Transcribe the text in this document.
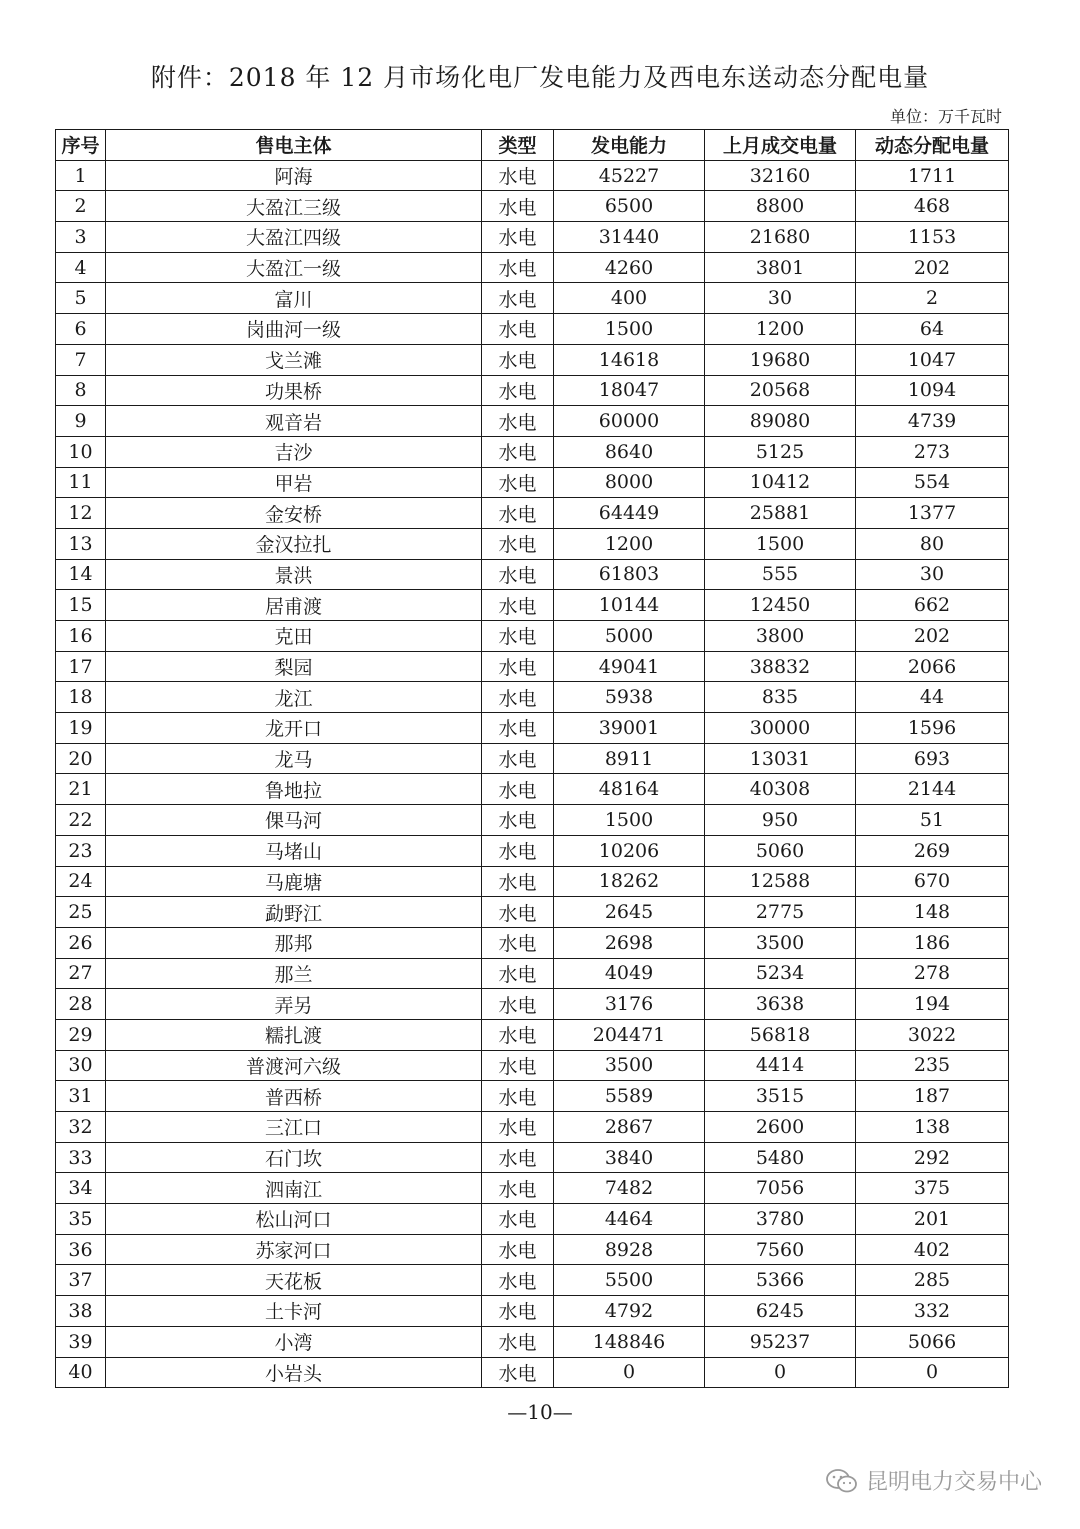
附件：2018 年 12 月市场化电厂发电能力及西电东送动态分配电量
单位：万千瓦时
序号	售电主体	类型	发电能力	上月成交电量	动态分配电量
1	阿海	水电	45227	32160	1711
2	大盈江三级	水电	6500	8800	468
3	大盈江四级	水电	31440	21680	1153
4	大盈江一级	水电	4260	3801	202
5	富川	水电	400	30	2
6	岗曲河一级	水电	1500	1200	64
7	戈兰滩	水电	14618	19680	1047
8	功果桥	水电	18047	20568	1094
9	观音岩	水电	60000	89080	4739
10	吉沙	水电	8640	5125	273
11	甲岩	水电	8000	10412	554
12	金安桥	水电	64449	25881	1377
13	金汉拉扎	水电	1200	1500	80
14	景洪	水电	61803	555	30
15	居甫渡	水电	10144	12450	662
16	克田	水电	5000	3800	202
17	梨园	水电	49041	38832	2066
18	龙江	水电	5938	835	44
19	龙开口	水电	39001	30000	1596
20	龙马	水电	8911	13031	693
21	鲁地拉	水电	48164	40308	2144
22	倮马河	水电	1500	950	51
23	马堵山	水电	10206	5060	269
24	马鹿塘	水电	18262	12588	670
25	勐野江	水电	2645	2775	148
26	那邦	水电	2698	3500	186
27	那兰	水电	4049	5234	278
28	弄另	水电	3176	3638	194
29	糯扎渡	水电	204471	56818	3022
30	普渡河六级	水电	3500	4414	235
31	普西桥	水电	5589	3515	187
32	三江口	水电	2867	2600	138
33	石门坎	水电	3840	5480	292
34	泗南江	水电	7482	7056	375
35	松山河口	水电	4464	3780	201
36	苏家河口	水电	8928	7560	402
37	天花板	水电	5500	5366	285
38	土卡河	水电	4792	6245	332
39	小湾	水电	148846	95237	5066
40	小岩头	水电	0	0	0
—10—
昆明电力交易中心
